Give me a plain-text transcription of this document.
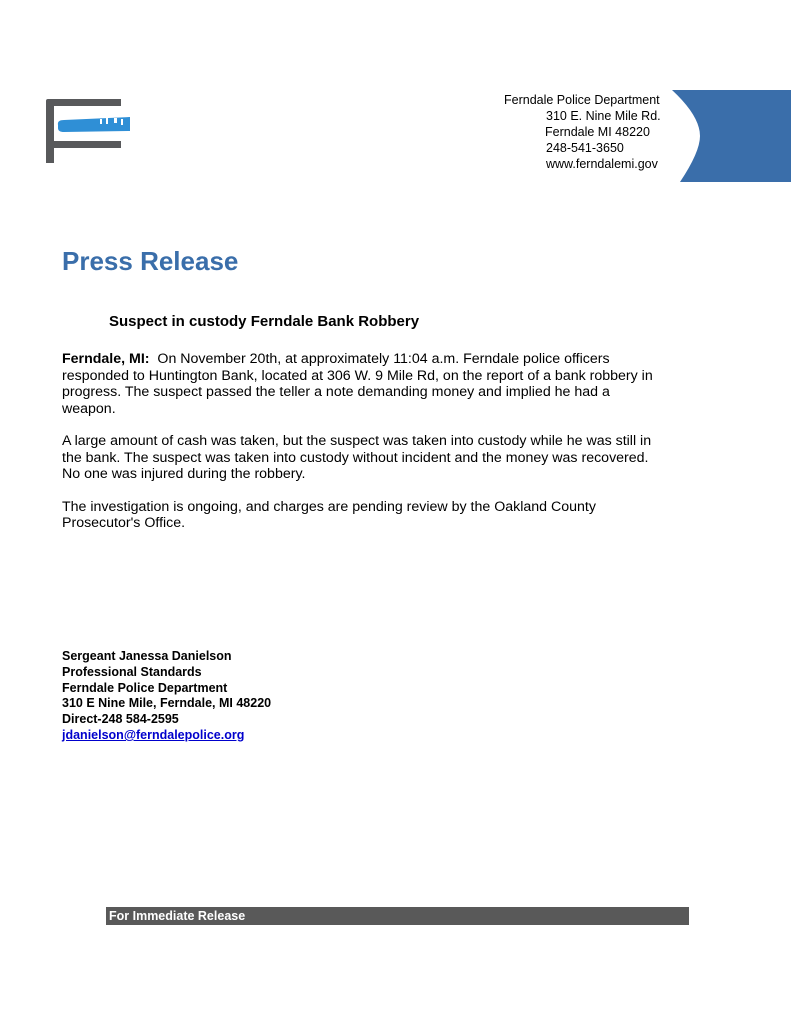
Ferndale Police Department
310 E. Nine Mile Rd.
Ferndale MI 48220
248-541-3650
www.ferndalemi.gov
Press Release
Suspect in custody Ferndale Bank Robbery

Ferndale, MI: On November 20th, at approximately 11:04 a.m. Ferndale police officers responded to Huntington Bank, located at 306 W. 9 Mile Rd, on the report of a bank robbery in progress. The suspect passed the teller a note demanding money and implied he had a weapon.

A large amount of cash was taken, but the suspect was taken into custody while he was still in the bank. The suspect was taken into custody without incident and the money was recovered. No one was injured during the robbery.

The investigation is ongoing, and charges are pending review by the Oakland County Prosecutor's Office.

Sergeant Janessa Danielson
Professional Standards
Ferndale Police Department
310 E Nine Mile, Ferndale, MI 48220
Direct-248 584-2595
jdanielson@ferndalepolice.org
For Immediate Release
